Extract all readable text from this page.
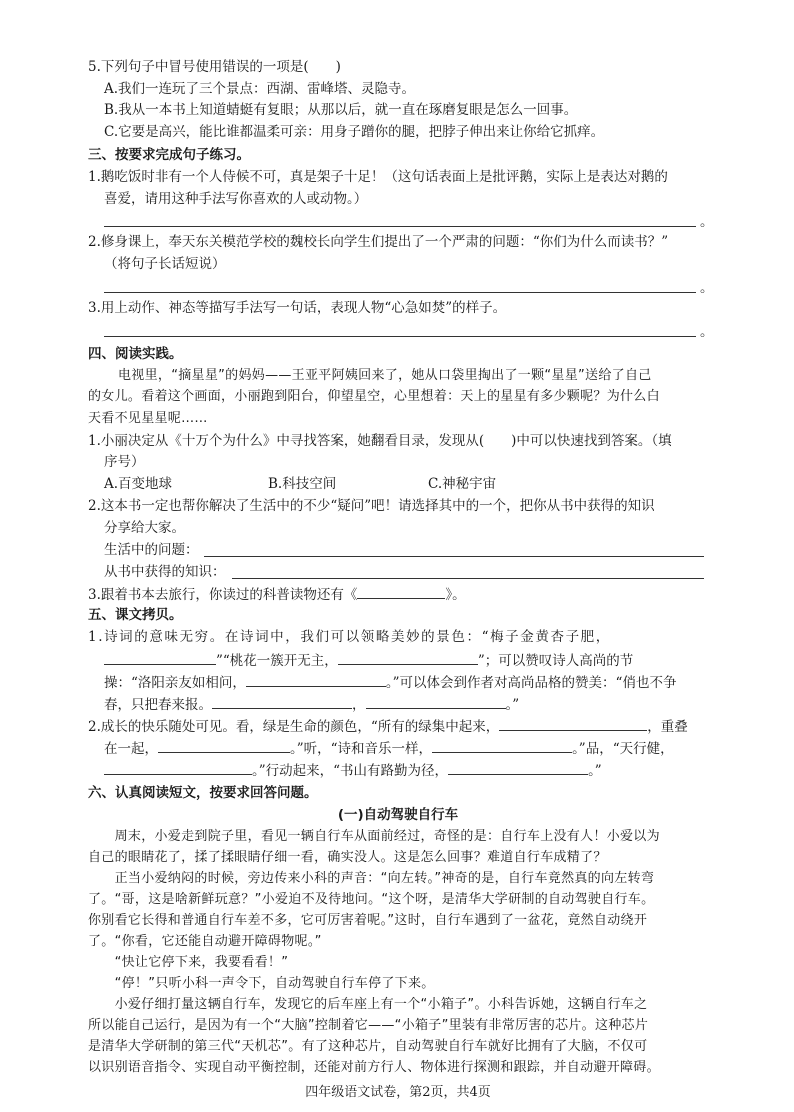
5.下列句子中冒号使用错误的一项是(　　)
A.我们一连玩了三个景点：西湖、雷峰塔、灵隐寺。
B.我从一本书上知道蜻蜓有复眼；从那以后，就一直在琢磨复眼是怎么一回事。
C.它要是高兴，能比谁都温柔可亲：用身子蹭你的腿，把脖子伸出来让你给它抓痒。
三、按要求完成句子练习。
1.鹅吃饭时非有一个人侍候不可，真是架子十足！（这句话表面上是批评鹅，实际上是表达对鹅的
喜爱，请用这种手法写你喜欢的人或动物。）
。
2.修身课上，奉天东关模范学校的魏校长向学生们提出了一个严肃的问题：“你们为什么而读书？”
（将句子长话短说）
。
3.用上动作、神态等描写手法写一句话，表现人物“心急如焚”的样子。
。
四、阅读实践。
电视里，“摘星星”的妈妈——王亚平阿姨回来了，她从口袋里掏出了一颗“星星”送给了自己
的女儿。看着这个画面，小丽跑到阳台，仰望星空，心里想着：天上的星星有多少颗呢？为什么白
天看不见星星呢……
1.小丽决定从《十万个为什么》中寻找答案，她翻看目录，发现从(　　)中可以快速找到答案。（填
序号）
A.百变地球	B.科技空间	C.神秘宇宙
2.这本书一定也帮你解决了生活中的不少“疑问”吧！请选择其中的一个，把你从书中获得的知识
分享给大家。
生活中的问题：
从书中获得的知识：
3.跟着书本去旅行，你读过的科普读物还有《	》。
五、课文拷贝。
1.诗词的意味无穷。在诗词中，我们可以领略美妙的景色：“梅子金黄杏子肥，
”“桃花一簇开无主，	”；可以赞叹诗人高尚的节
操：“洛阳亲友如相问，	。”可以体会到作者对高尚品格的赞美：“俏也不争
春，只把春来报。	，	。”
2.成长的快乐随处可见。看，绿是生命的颜色，“所有的绿集中起来，	，重叠
在一起，	。”听，“诗和音乐一样，	。”品，“天行健，
。”行动起来，“书山有路勤为径，	。”
六、认真阅读短文，按要求回答问题。
(一)自动驾驶自行车
　　周末，小爱走到院子里，看见一辆自行车从面前经过，奇怪的是：自行车上没有人！小爱以为
自己的眼睛花了，揉了揉眼睛仔细一看，确实没人。这是怎么回事？难道自行车成精了？
　　正当小爱纳闷的时候，旁边传来小科的声音：“向左转。”神奇的是，自行车竟然真的向左转弯
了。“哥，这是啥新鲜玩意？”小爱迫不及待地问。“这个呀，是清华大学研制的自动驾驶自行车。
你别看它长得和普通自行车差不多，它可厉害着呢。”这时，自行车遇到了一盆花，竟然自动绕开
了。“你看，它还能自动避开障碍物呢。”
　　“快让它停下来，我要看看！”
　　“停！”只听小科一声令下，自动驾驶自行车停了下来。
　　小爱仔细打量这辆自行车，发现它的后车座上有一个“小箱子”。小科告诉她，这辆自行车之
所以能自己运行，是因为有一个“大脑”控制着它——“小箱子”里装有非常厉害的芯片。这种芯片
是清华大学研制的第三代“天机芯”。有了这种芯片，自动驾驶自行车就好比拥有了大脑，不仅可
以识别语音指令、实现自动平衡控制，还能对前方行人、物体进行探测和跟踪，并自动避开障碍。
四年级语文试卷，第2页，共4页
